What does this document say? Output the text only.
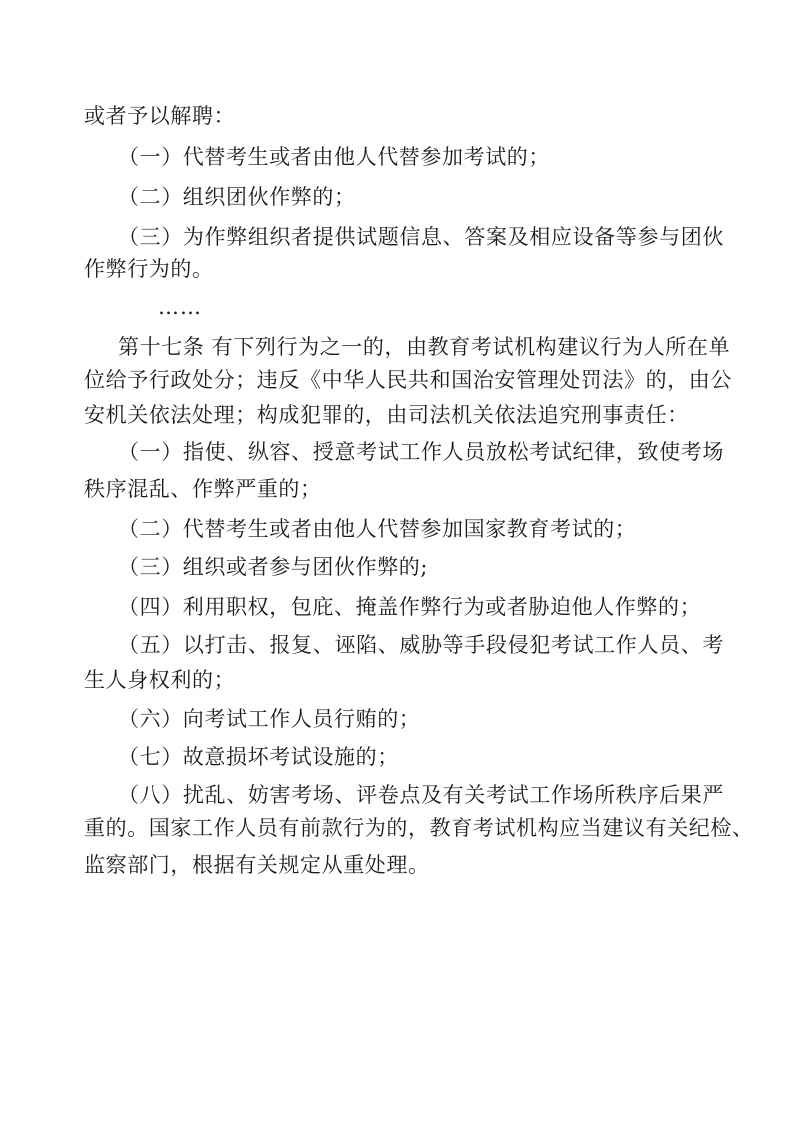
或者予以解聘：
（一）代替考生或者由他人代替参加考试的；
（二）组织团伙作弊的；
（三）为作弊组织者提供试题信息、答案及相应设备等参与团伙
作弊行为的。
……
第十七条 有下列行为之一的，由教育考试机构建议行为人所在单
位给予行政处分；违反《中华人民共和国治安管理处罚法》的，由公
安机关依法处理；构成犯罪的，由司法机关依法追究刑事责任：
（一）指使、纵容、授意考试工作人员放松考试纪律，致使考场
秩序混乱、作弊严重的；
（二）代替考生或者由他人代替参加国家教育考试的；
（三）组织或者参与团伙作弊的;
（四）利用职权，包庇、掩盖作弊行为或者胁迫他人作弊的；
（五）以打击、报复、诬陷、威胁等手段侵犯考试工作人员、考
生人身权利的；
（六）向考试工作人员行贿的；
（七）故意损坏考试设施的；
（八）扰乱、妨害考场、评卷点及有关考试工作场所秩序后果严
重的。国家工作人员有前款行为的，教育考试机构应当建议有关纪检、
监察部门，根据有关规定从重处理。
